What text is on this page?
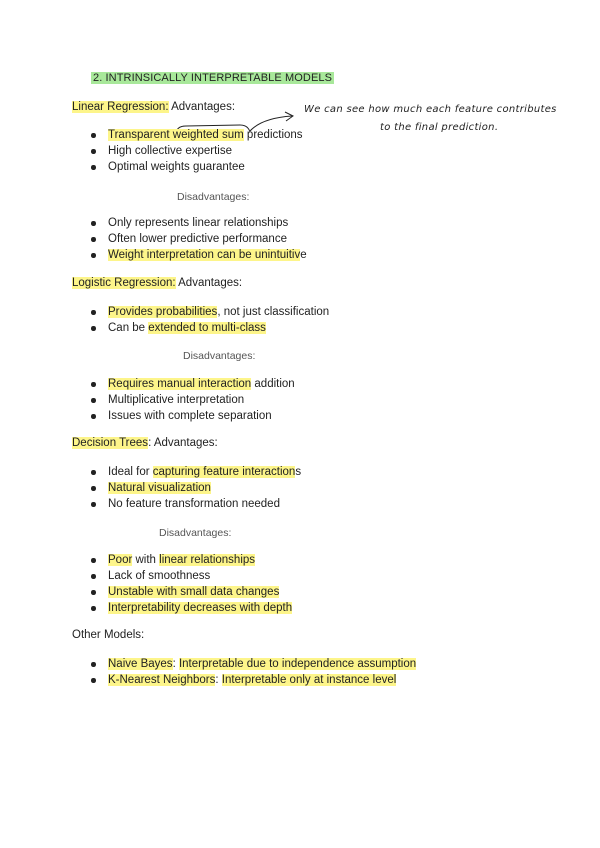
2. INTRINSICALLY INTERPRETABLE MODELS
Linear Regression: Advantages:	We can see how much each feature contributes
to the final prediction.
Transparent weighted sum predictions
High collective expertise
Optimal weights guarantee
Disadvantages:
Only represents linear relationships
Often lower predictive performance
Weight interpretation can be unintuitive
Logistic Regression: Advantages:
Provides probabilities, not just classification
Can be extended to multi-class
Disadvantages:
Requires manual interaction addition
Multiplicative interpretation
Issues with complete separation
Decision Trees: Advantages:
Ideal for capturing feature interactions
Natural visualization
No feature transformation needed
Disadvantages:
Poor with linear relationships
Lack of smoothness
Unstable with small data changes
Interpretability decreases with depth
Other Models:
Naive Bayes: Interpretable due to independence assumption
K-Nearest Neighbors: Interpretable only at instance level
